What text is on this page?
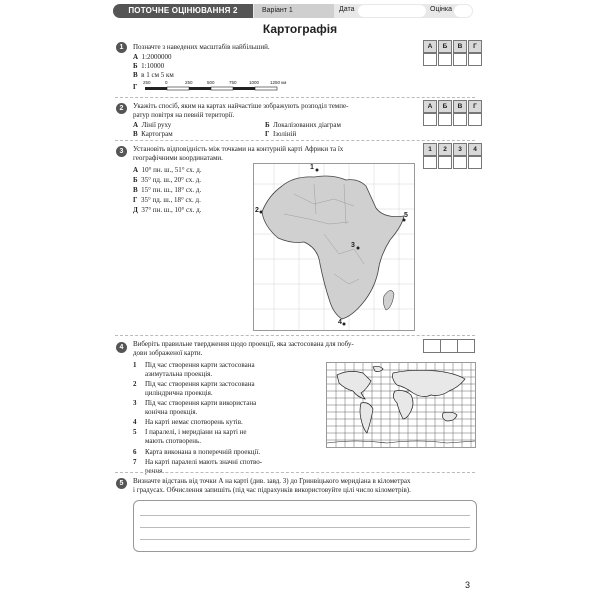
ПОТОЧНЕ ОЦІНЮВАННЯ 2	Варіант 1	Дата	Оцінка
Картографія
1	Позначте з наведених масштабів найбільший.
А 1:2000000
Б 1:10000
В в 1 см 5 км
Г
250	0	250	500	750	1000 1250 км
А	Б	В	Г
2	Укажіть спосіб, яким на картах найчастіше зображують розподіл темпе-
ратур повітря на певній території.
А Лінії руху	Б Локалізованих діаграм
В Картограм	Г Ізоліній
А	Б	В	Г
3	Установіть відповідність між точками на контурній карті Африки та їх
географічними координатами.
А 10° пн. ш., 51° сх. д.
Б 35° пд. ш., 20° сх. д.
В 15° пн. ш., 18° сх. д.
Г 35° пд. ш., 18° сх. д.
Д 37° пн. ш., 10° сх. д.
1	2	3	4
1
2
3
4
5
4	Виберіть правильне твердження щодо проекції, яка застосована для побу-
дови зображеної карти.
1 Під час створення карти застосована
азимутальна проекція.
2 Під час створення карти застосована
циліндрична проекція.
3 Під час створення карти використана
конічна проекція.
4 На карті немає спотворень кутів.
5 І паралелі, і меридіани на карті не
мають спотворень.
6 Карта виконана в поперечній проекції.
7 На карті паралелі мають значні спотво-
рення.
5	Визначте відстань від точки А на карті (див. завд. 3) до Гринвіцького меридіана в кілометрах
і градусах. Обчислення запишіть (під час підрахунків використовуйте цілі число кілометрів).
3
